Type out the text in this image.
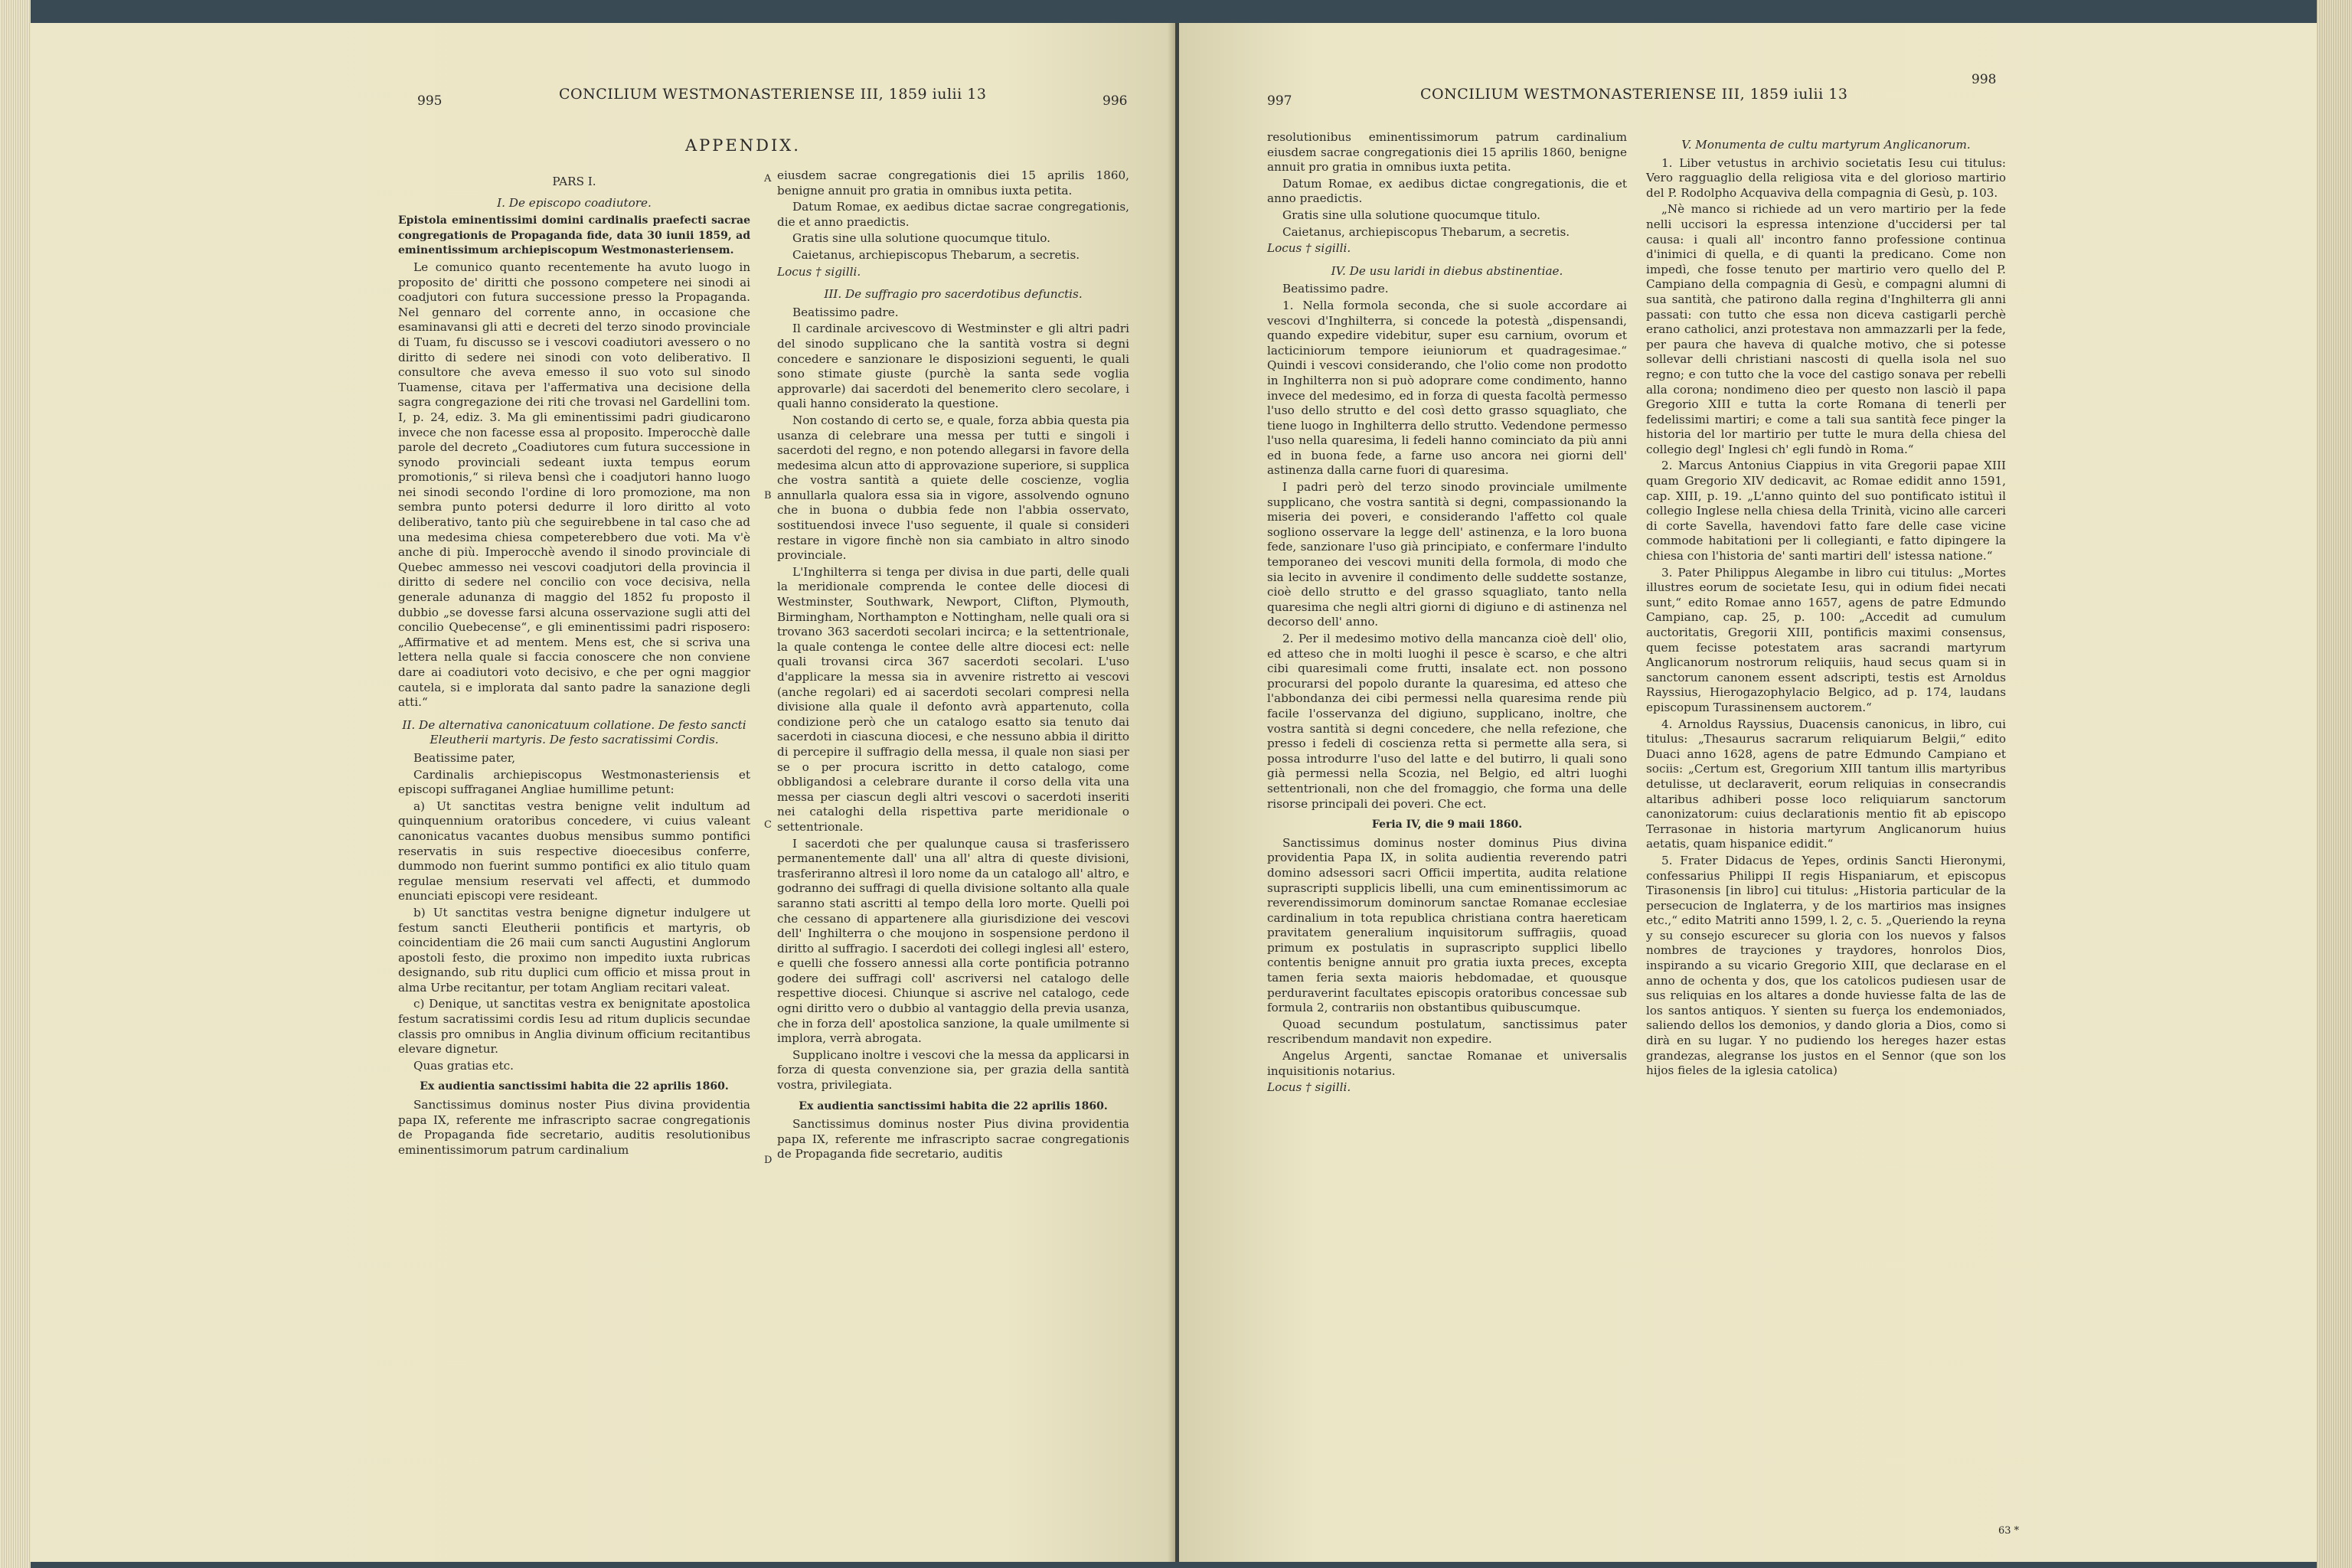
995	CONCILIUM WESTMONASTERIENSE III, 1859 iulii 13	996
APPENDIX.
PARS I.
I. De episcopo coadiutore.

Epistola eminentissimi domini cardinalis praefecti sacrae congregationis de Propaganda fide, data 30 iunii 1859, ad eminentissimum archiepiscopum Westmonasteriensem.

Le comunico quanto recentemente ha avuto luogo in proposito de' diritti che possono competere nei sinodi ai coadjutori con futura successione presso la Propaganda. Nel gennaro del corrente anno, in occasione che esaminavansi gli atti e decreti del terzo sinodo provinciale di Tuam, fu discusso se i vescovi coadiutori avessero o no diritto di sedere nei sinodi con voto deliberativo. Il consultore che aveva emesso il suo voto sul sinodo Tuamense, citava per l'affermativa una decisione della sagra congregazione dei riti che trovasi nel Gardellini tom. I, p. 24, ediz. 3. Ma gli eminentissimi padri giudicarono invece che non facesse essa al proposito. Imperocchè dalle parole del decreto „Coadiutores cum futura successione in synodo provinciali sedeant iuxta tempus eorum promotionis,“ si rileva bensì che i coadjutori hanno luogo nei sinodi secondo l'ordine di loro promozione, ma non sembra punto potersi dedurre il loro diritto al voto deliberativo, tanto più che seguirebbene in tal caso che ad una medesima chiesa competerebbero due voti. Ma v'è anche di più. Imperocchè avendo il sinodo provinciale di Quebec ammesso nei vescovi coadjutori della provincia il diritto di sedere nel concilio con voce decisiva, nella generale adunanza di maggio del 1852 fu proposto il dubbio „se dovesse farsi alcuna osservazione sugli atti del concilio Quebecense“, e gli eminentissimi padri risposero: „Affirmative et ad mentem. Mens est, che si scriva una lettera nella quale si faccia conoscere che non conviene dare ai coadiutori voto decisivo, e che per ogni maggior cautela, si e implorata dal santo padre la sanazione degli atti.“

II. De alternativa canonicatuum collatione. De festo sancti Eleutherii martyris. De festo sacratissimi Cordis.

Beatissime pater,

Cardinalis archiepiscopus Westmonasteriensis et episcopi suffraganei Angliae humillime petunt:

a) Ut sanctitas vestra benigne velit indultum ad quinquennium oratoribus concedere, vi cuius valeant canonicatus vacantes duobus mensibus summo pontifici reservatis in suis respective dioecesibus conferre, dummodo non fuerint summo pontifici ex alio titulo quam regulae mensium reservati vel affecti, et dummodo enunciati episcopi vere resideant.

b) Ut sanctitas vestra benigne dignetur indulgere ut festum sancti Eleutherii pontificis et martyris, ob coincidentiam die 26 maii cum sancti Augustini Anglorum apostoli festo, die proximo non impedito iuxta rubricas designando, sub ritu duplici cum officio et missa prout in alma Urbe recitantur, per totam Angliam recitari valeat.

c) Denique, ut sanctitas vestra ex benignitate apostolica festum sacratissimi cordis Iesu ad ritum duplicis secundae classis pro omnibus in Anglia divinum officium recitantibus elevare dignetur.

Quas gratias etc.

Ex audientia sanctissimi habita die 22 aprilis 1860.

Sanctissimus dominus noster Pius divina providentia papa IX, referente me infrascripto sacrae congregationis de Propaganda fide secretario, auditis resolutionibus eminentissimorum patrum cardinalium

A
B
C
D

eiusdem sacrae congregationis diei 15 aprilis 1860, benigne annuit pro gratia in omnibus iuxta petita.

Datum Romae, ex aedibus dictae sacrae congregationis, die et anno praedictis.

Gratis sine ulla solutione quocumque titulo.

Caietanus, archiepiscopus Thebarum, a secretis.

Locus † sigilli.

III. De suffragio pro sacerdotibus defunctis.

Beatissimo padre.

Il cardinale arcivescovo di Westminster e gli altri padri del sinodo supplicano che la santità vostra si degni concedere e sanzionare le disposizioni seguenti, le quali sono stimate giuste (purchè la santa sede voglia approvarle) dai sacerdoti del benemerito clero secolare, i quali hanno considerato la questione.

Non costando di certo se, e quale, forza abbia questa pia usanza di celebrare una messa per tutti e singoli i sacerdoti del regno, e non potendo allegarsi in favore della medesima alcun atto di approvazione superiore, si supplica che vostra santità a quiete delle coscienze, voglia annullarla qualora essa sia in vigore, assolvendo ognuno che in buona o dubbia fede non l'abbia osservato, sostituendosi invece l'uso seguente, il quale si consideri restare in vigore finchè non sia cambiato in altro sinodo provinciale.

L'Inghilterra si tenga per divisa in due parti, delle quali la meridionale comprenda le contee delle diocesi di Westminster, Southwark, Newport, Clifton, Plymouth, Birmingham, Northampton e Nottingham, nelle quali ora si trovano 363 sacerdoti secolari incirca; e la settentrionale, la quale contenga le contee delle altre diocesi ect: nelle quali trovansi circa 367 sacerdoti secolari. L'uso d'applicare la messa sia in avvenire ristretto ai vescovi (anche regolari) ed ai sacerdoti secolari compresi nella divisione alla quale il defonto avrà appartenuto, colla condizione però che un catalogo esatto sia tenuto dai sacerdoti in ciascuna diocesi, e che nessuno abbia il diritto di percepire il suffragio della messa, il quale non siasi per se o per procura iscritto in detto catalogo, come obbligandosi a celebrare durante il corso della vita una messa per ciascun degli altri vescovi o sacerdoti inseriti nei cataloghi della rispettiva parte meridionale o settentrionale.

I sacerdoti che per qualunque causa si trasferissero permanentemente dall' una all' altra di queste divisioni, trasferiranno altresì il loro nome da un catalogo all' altro, e godranno dei suffragi di quella divisione soltanto alla quale saranno stati ascritti al tempo della loro morte. Quelli poi che cessano di appartenere alla giurisdizione dei vescovi dell' Inghilterra o che moujono in sospensione perdono il diritto al suffragio. I sacerdoti dei collegi inglesi all' estero, e quelli che fossero annessi alla corte pontificia potranno godere dei suffragi coll' ascriversi nel catalogo delle respettive diocesi. Chiunque si ascrive nel catalogo, cede ogni diritto vero o dubbio al vantaggio della previa usanza, che in forza dell' apostolica sanzione, la quale umilmente si implora, verrà abrogata.

Supplicano inoltre i vescovi che la messa da applicarsi in forza di questa convenzione sia, per grazia della santità vostra, privilegiata.

Ex audientia sanctissimi habita die 22 aprilis 1860.

Sanctissimus dominus noster Pius divina providentia papa IX, referente me infrascripto sacrae congregationis de Propaganda fide secretario, auditis

997	CONCILIUM WESTMONASTERIENSE III, 1859 iulii 13
998

resolutionibus eminentissimorum patrum cardinalium eiusdem sacrae congregationis diei 15 aprilis 1860, benigne annuit pro gratia in omnibus iuxta petita.

Datum Romae, ex aedibus dictae congregationis, die et anno praedictis.

Gratis sine ulla solutione quocumque titulo.

Caietanus, archiepiscopus Thebarum, a secretis.

Locus † sigilli.

IV. De usu laridi in diebus abstinentiae.

Beatissimo padre.

1. Nella formola seconda, che si suole accordare ai vescovi d'Inghilterra, si concede la potestà „dispensandi, quando expedire videbitur, super esu carnium, ovorum et lacticiniorum tempore ieiuniorum et quadragesimae.“ Quindi i vescovi considerando, che l'olio come non prodotto in Inghilterra non si può adoprare come condimento, hanno invece del medesimo, ed in forza di questa facoltà permesso l'uso dello strutto e del così detto grasso squagliato, che tiene luogo in Inghilterra dello strutto. Vedendone permesso l'uso nella quaresima, li fedeli hanno cominciato da più anni ed in buona fede, a farne uso ancora nei giorni dell' astinenza dalla carne fuori di quaresima.

I padri però del terzo sinodo provinciale umilmente supplicano, che vostra santità si degni, compassionando la miseria dei poveri, e considerando l'affetto col quale sogliono osservare la legge dell' astinenza, e la loro buona fede, sanzionare l'uso già principiato, e confermare l'indulto temporaneo dei vescovi muniti della formola, di modo che sia lecito in avvenire il condimento delle suddette sostanze, cioè dello strutto e del grasso squagliato, tanto nella quaresima che negli altri giorni di digiuno e di astinenza nel decorso dell' anno.

2. Per il medesimo motivo della mancanza cioè dell' olio, ed atteso che in molti luoghi il pesce è scarso, e che altri cibi quaresimali come frutti, insalate ect. non possono procurarsi del popolo durante la quaresima, ed atteso che l'abbondanza dei cibi permessi nella quaresima rende più facile l'osservanza del digiuno, supplicano, inoltre, che vostra santità si degni concedere, che nella refezione, che presso i fedeli di coscienza retta si permette alla sera, si possa introdurre l'uso del latte e del butirro, li quali sono già permessi nella Scozia, nel Belgio, ed altri luoghi settentrionali, non che del fromaggio, che forma una delle risorse principali dei poveri. Che ect.

Feria IV, die 9 maii 1860.

Sanctissimus dominus noster dominus Pius divina providentia Papa IX, in solita audientia reverendo patri domino adsessori sacri Officii impertita, audita relatione suprascripti supplicis libelli, una cum eminentissimorum ac reverendissimorum dominorum sanctae Romanae ecclesiae cardinalium in tota republica christiana contra haereticam pravitatem generalium inquisitorum suffragiis, quoad primum ex postulatis in suprascripto supplici libello contentis benigne annuit pro gratia iuxta preces, excepta tamen feria sexta maioris hebdomadae, et quousque perduraverint facultates episcopis oratoribus concessae sub formula 2, contrariis non obstantibus quibuscumque.

Quoad secundum postulatum, sanctissimus pater rescribendum mandavit non expedire.

Angelus Argenti, sanctae Romanae et universalis inquisitionis notarius.

Locus † sigilli.

V. Monumenta de cultu martyrum Anglicanorum.

1. Liber vetustus in archivio societatis Iesu cui titulus: Vero ragguaglio della religiosa vita e del glorioso martirio del P. Rodolpho Acquaviva della compagnia di Gesù, p. 103.

„Nè manco si richiede ad un vero martirio per la fede nelli uccisori la espressa intenzione d'uccidersi per tal causa: i quali all' incontro fanno professione continua d'inimici di quella, e di quanti la predicano. Come non impedì, che fosse tenuto per martirio vero quello del P. Campiano della compagnia di Gesù, e compagni alumni di sua santità, che patirono dalla regina d'Inghilterra gli anni passati: con tutto che essa non diceva castigarli perchè erano catholici, anzi protestava non ammazzarli per la fede, per paura che haveva di qualche motivo, che si potesse sollevar delli christiani nascosti di quella isola nel suo regno; e con tutto che la voce del castigo sonava per rebelli alla corona; nondimeno dieo per questo non lasciò il papa Gregorio XIII e tutta la corte Romana di tenerli per fedelissimi martiri; e come a tali sua santità fece pinger la historia del lor martirio per tutte le mura della chiesa del collegio degl' Inglesi ch' egli fundò in Roma.“

2. Marcus Antonius Ciappius in vita Gregorii papae XIII quam Gregorio XIV dedicavit, ac Romae edidit anno 1591, cap. XIII, p. 19. „L'anno quinto del suo pontificato istituì il collegio Inglese nella chiesa della Trinità, vicino alle carceri di corte Savella, havendovi fatto fare delle case vicine commode habitationi per li collegianti, e fatto dipingere la chiesa con l'historia de' santi martiri dell' istessa natione.“

3. Pater Philippus Alegambe in libro cui titulus: „Mortes illustres eorum de societate Iesu, qui in odium fidei necati sunt,“ edito Romae anno 1657, agens de patre Edmundo Campiano, cap. 25, p. 100: „Accedit ad cumulum auctoritatis, Gregorii XIII, pontificis maximi consensus, quem fecisse potestatem aras sacrandi martyrum Anglicanorum nostrorum reliquiis, haud secus quam si in sanctorum canonem essent adscripti, testis est Arnoldus Rayssius, Hierogazophylacio Belgico, ad p. 174, laudans episcopum Turassinensem auctorem.“

4. Arnoldus Rayssius, Duacensis canonicus, in libro, cui titulus: „Thesaurus sacrarum reliquiarum Belgii,“ edito Duaci anno 1628, agens de patre Edmundo Campiano et sociis: „Certum est, Gregorium XIII tantum illis martyribus detulisse, ut declaraverit, eorum reliquias in consecrandis altaribus adhiberi posse loco reliquiarum sanctorum canonizatorum: cuius declarationis mentio fit ab episcopo Terrasonae in historia martyrum Anglicanorum huius aetatis, quam hispanice edidit.“

5. Frater Didacus de Yepes, ordinis Sancti Hieronymi, confessarius Philippi II regis Hispaniarum, et episcopus Tirasonensis [in libro] cui titulus: „Historia particular de la persecucion de Inglaterra, y de los martirios mas insignes etc.,“ edito Matriti anno 1599, l. 2, c. 5. „Queriendo la reyna y su consejo escurecer su gloria con los nuevos y falsos nombres de trayciones y traydores, honrolos Dios, inspirando a su vicario Gregorio XIII, que declarase en el anno de ochenta y dos, que los catolicos pudiesen usar de sus reliquias en los altares a donde huviesse falta de las de los santos antiquos. Y sienten su fuerça los endemoniados, saliendo dellos los demonios, y dando gloria a Dios, como si dirà en su lugar. Y no pudiendo los hereges hazer estas grandezas, alegranse los justos en el Sennor (que son los hijos fieles de la iglesia catolica)

63 *
